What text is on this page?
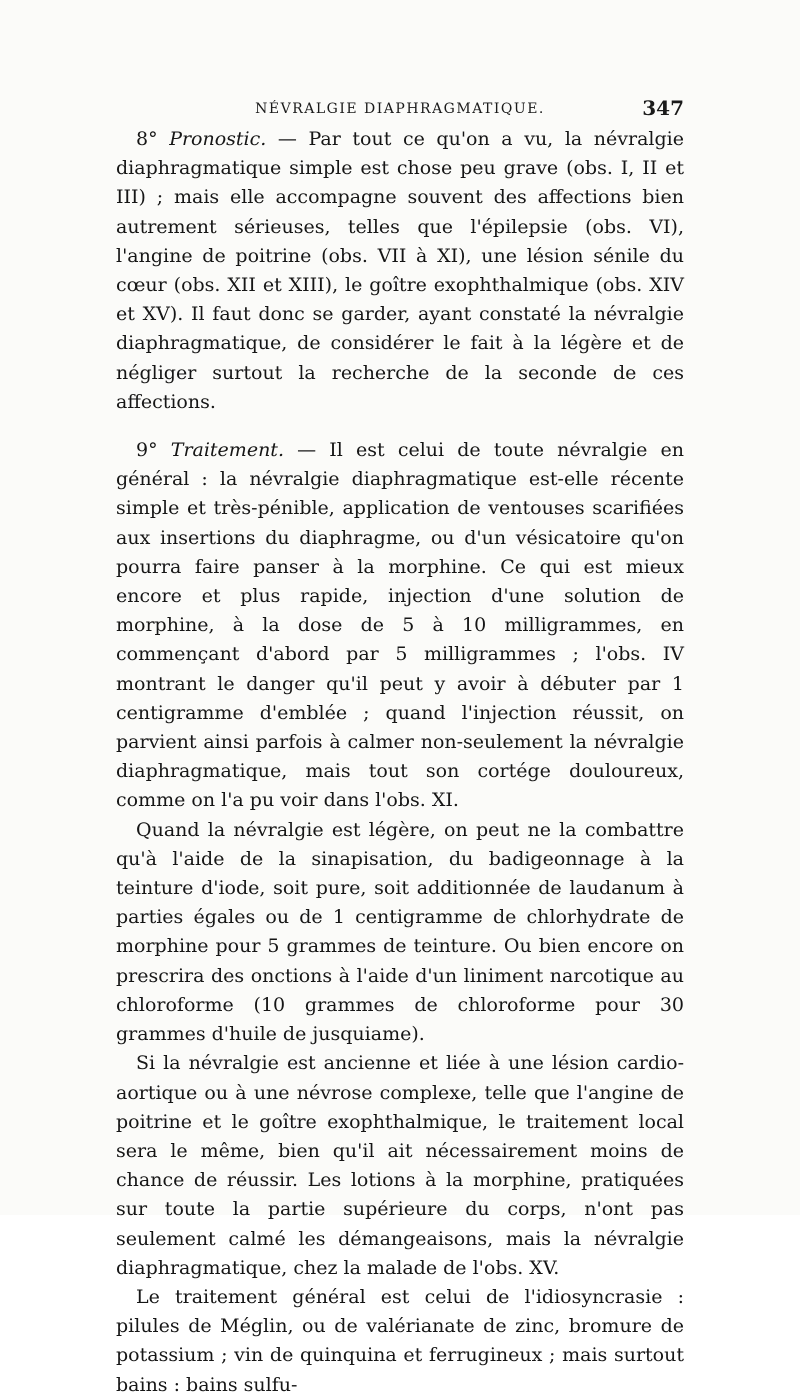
NÉVRALGIE DIAPHRAGMATIQUE.	347

8° Pronostic. — Par tout ce qu'on a vu, la névralgie diaphragmatique simple est chose peu grave (obs. I, II et III) ; mais elle accompagne souvent des affections bien autrement sérieuses, telles que l'épilepsie (obs. VI), l'angine de poitrine (obs. VII à XI), une lésion sénile du cœur (obs. XII et XIII), le goître exophthalmique (obs. XIV et XV). Il faut donc se garder, ayant constaté la névralgie diaphragmatique, de considérer le fait à la légère et de négliger surtout la recherche de la seconde de ces affections.

9° Traitement. — Il est celui de toute névralgie en général : la névralgie diaphragmatique est-elle récente simple et très-pénible, application de ventouses scarifiées aux insertions du diaphragme, ou d'un vésicatoire qu'on pourra faire panser à la morphine. Ce qui est mieux encore et plus rapide, injection d'une solution de morphine, à la dose de 5 à 10 milligrammes, en commençant d'abord par 5 milligrammes ; l'obs. IV montrant le danger qu'il peut y avoir à débuter par 1 centigramme d'emblée ; quand l'injection réussit, on parvient ainsi parfois à calmer non-seulement la névralgie diaphragmatique, mais tout son cortége douloureux, comme on l'a pu voir dans l'obs. XI.

Quand la névralgie est légère, on peut ne la combattre qu'à l'aide de la sinapisation, du badigeonnage à la teinture d'iode, soit pure, soit additionnée de laudanum à parties égales ou de 1 centigramme de chlorhydrate de morphine pour 5 grammes de teinture. Ou bien encore on prescrira des onctions à l'aide d'un liniment narcotique au chloroforme (10 grammes de chloroforme pour 30 grammes d'huile de jusquiame).

Si la névralgie est ancienne et liée à une lésion cardio-aortique ou à une névrose complexe, telle que l'angine de poitrine et le goître exophthalmique, le traitement local sera le même, bien qu'il ait nécessairement moins de chance de réussir. Les lotions à la morphine, pratiquées sur toute la partie supérieure du corps, n'ont pas seulement calmé les démangeaisons, mais la névralgie diaphragmatique, chez la malade de l'obs. XV.

Le traitement général est celui de l'idiosyncrasie : pilules de Méglin, ou de valérianate de zinc, bromure de potassium ; vin de quinquina et ferrugineux ; mais surtout bains : bains sulfu-
